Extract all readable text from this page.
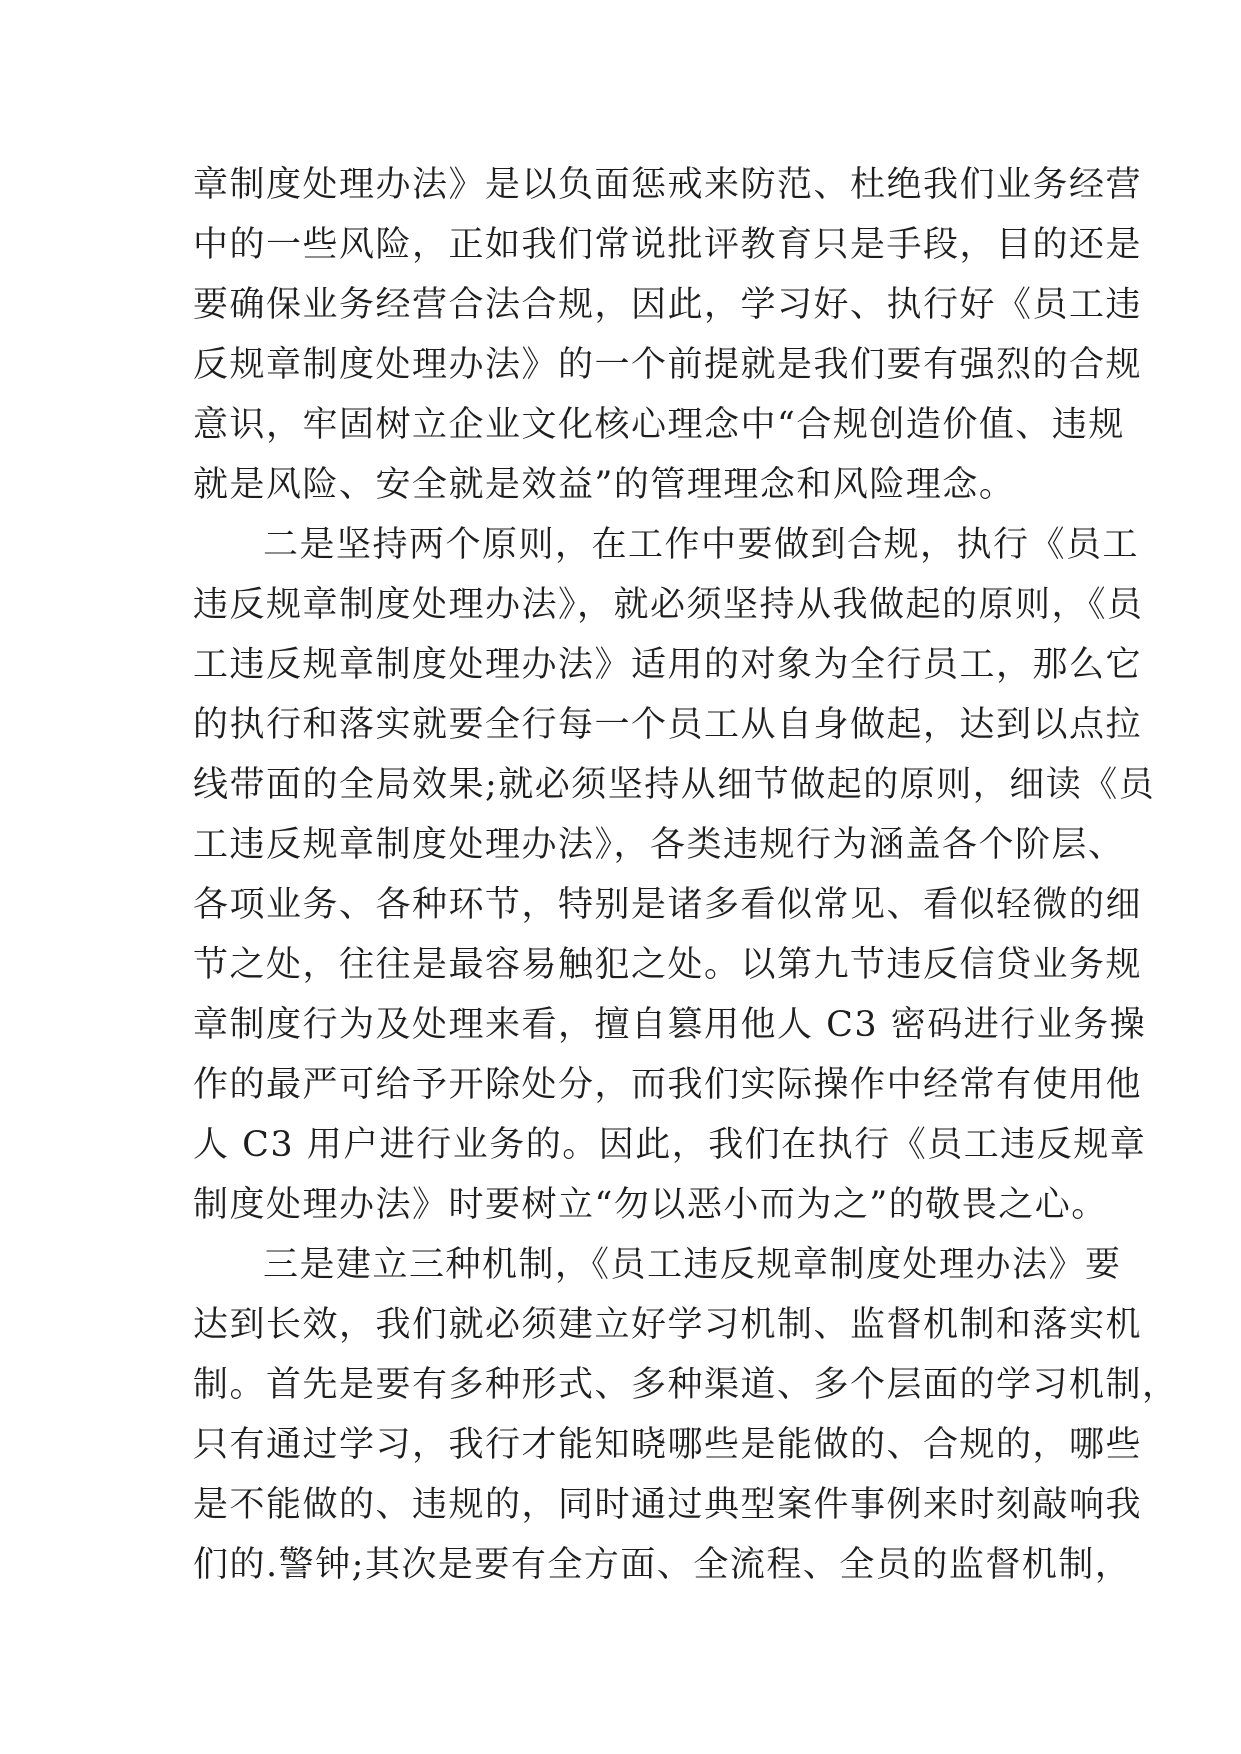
章制度处理办法》是以负面惩戒来防范、杜绝我们业务经营
中的一些风险，正如我们常说批评教育只是手段，目的还是
要确保业务经营合法合规，因此，学习好、执行好《员工违
反规章制度处理办法》的一个前提就是我们要有强烈的合规
意识，牢固树立企业文化核心理念中“合规创造价值、违规
就是风险、安全就是效益”的管理理念和风险理念。
二是坚持两个原则，在工作中要做到合规，执行《员工
违反规章制度处理办法》，就必须坚持从我做起的原则，《员
工违反规章制度处理办法》适用的对象为全行员工，那么它
的执行和落实就要全行每一个员工从自身做起，达到以点拉
线带面的全局效果;就必须坚持从细节做起的原则，细读《员
工违反规章制度处理办法》，各类违规行为涵盖各个阶层、
各项业务、各种环节，特别是诸多看似常见、看似轻微的细
节之处，往往是最容易触犯之处。以第九节违反信贷业务规
章制度行为及处理来看，擅自篡用他人 C3 密码进行业务操
作的最严可给予开除处分，而我们实际操作中经常有使用他
人 C3 用户进行业务的。因此，我们在执行《员工违反规章
制度处理办法》时要树立“勿以恶小而为之”的敬畏之心。
三是建立三种机制，《员工违反规章制度处理办法》要
达到长效，我们就必须建立好学习机制、监督机制和落实机
制。首先是要有多种形式、多种渠道、多个层面的学习机制，
只有通过学习，我行才能知晓哪些是能做的、合规的，哪些
是不能做的、违规的，同时通过典型案件事例来时刻敲响我
们的.警钟;其次是要有全方面、全流程、全员的监督机制，
